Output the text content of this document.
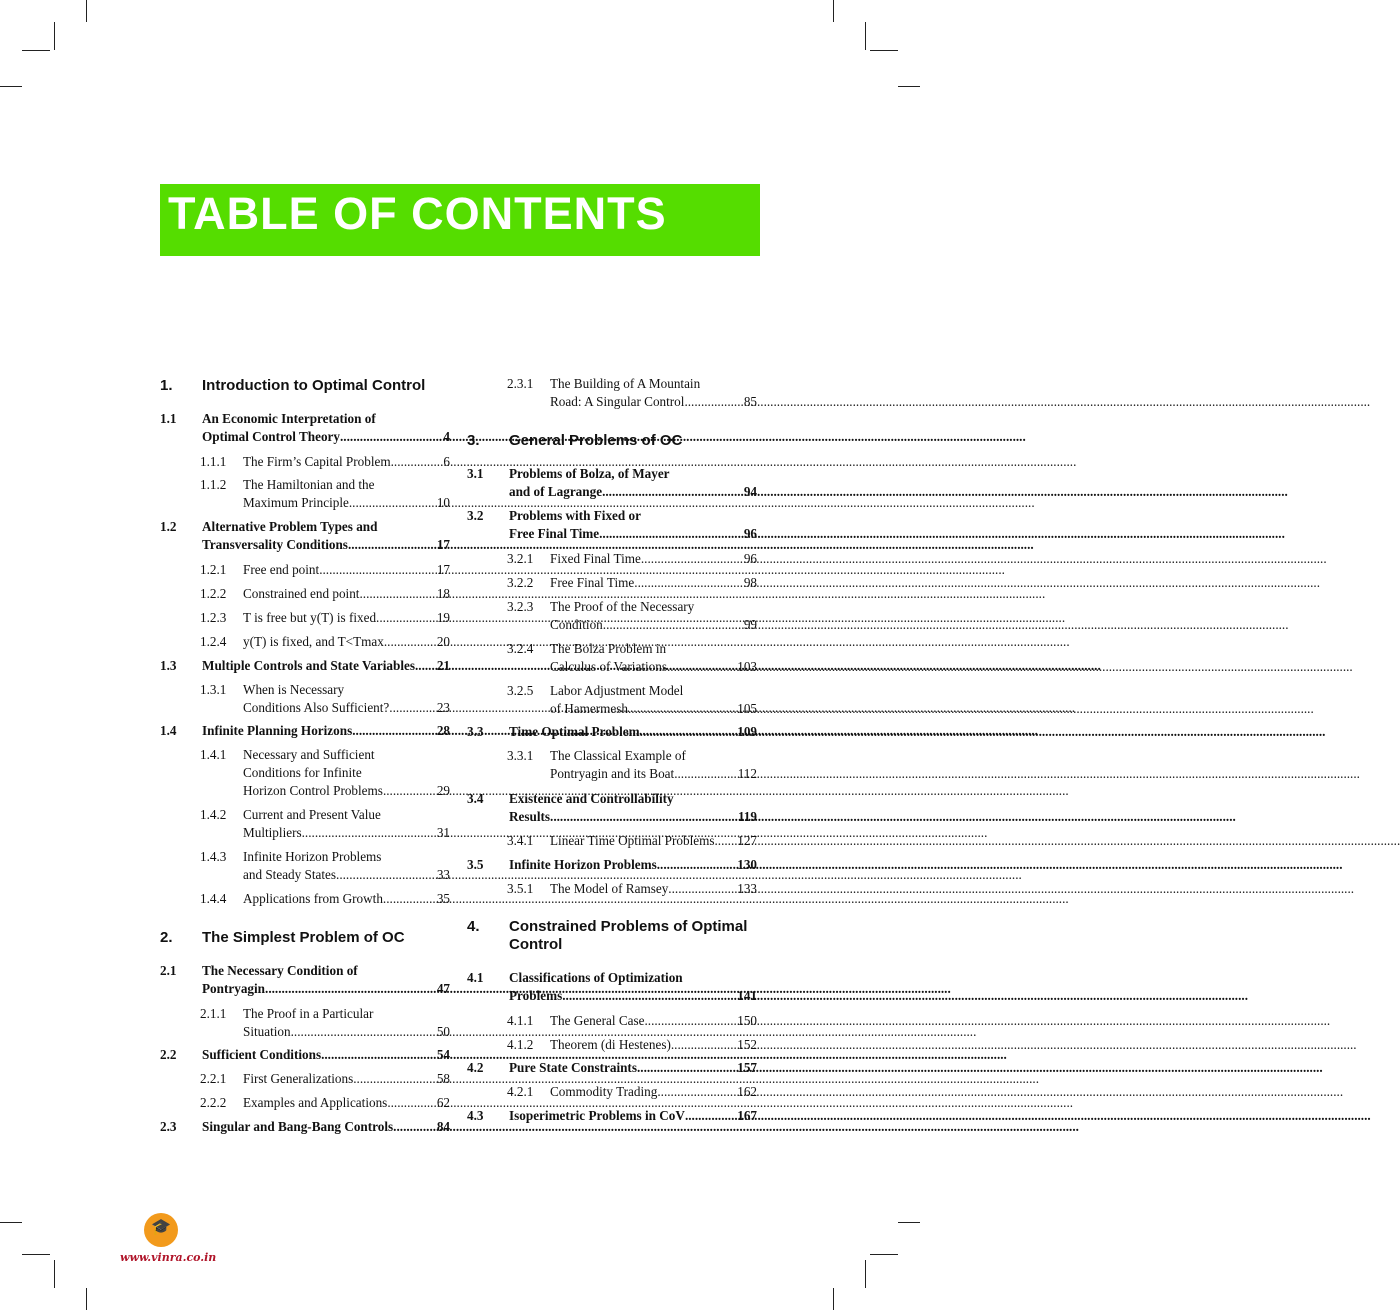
TABLE OF CONTENTS
1. Introduction to Optimal Control
1.1 An Economic Interpretation of
Optimal Control Theory .....	4
1.1.1 The Firm’s Capital Problem .....	6
1.1.2 The Hamiltonian and the
Maximum Principle .....	10
1.2 Alternative Problem Types and
Transversality Conditions .....	17
1.2.1 Free end point .....	17
1.2.2 Constrained end point .....	18
1.2.3 T is free but y(T) is fixed. .....	19
1.2.4 y(T) is fixed, and T<Tmax .....	20
1.3 Multiple Controls and State Variables ..... 21
1.3.1 When is Necessary
Conditions Also Sufficient? .....	23
1.4 Infinite Planning Horizons .....	28
1.4.1 Necessary and Sufficient
Conditions for Infinite
Horizon Control Problems .....	29
1.4.2 Current and Present Value
Multipliers .....	31
1.4.3 Infinite Horizon Problems
and Steady States .....	33
1.4.4 Applications from Growth .....	35
2. The Simplest Problem of OC
2.1 The Necessary Condition of
Pontryagin .....	47
2.1.1 The Proof in a Particular
Situation .....	50
2.2 Sufficient Conditions .....	54
2.2.1 First Generalizations .....	58
2.2.2 Examples and Applications .....	62
2.3 Singular and Bang-Bang Controls .....	84
2.3.1 The Building of A Mountain
Road: A Singular Control .....	85
3. General Problems of OC
3.1 Problems of Bolza, of Mayer
and of Lagrange .....	94
3.2 Problems with Fixed or
Free Final Time .....	96
3.2.1 Fixed Final Time .....	96
3.2.2 Free Final Time .....	98
3.2.3 The Proof of the Necessary
Condition .....	99
3.2.4 The Bolza Problem in
Calculus of Variations .....	103
3.2.5 Labor Adjustment Model
of Hamermesh .....	105
3.3 Time Optimal Problem .....	109
3.3.1 The Classical Example of
Pontryagin and its Boat .....	112
3.4 Existence and Controllability
Results .....	119
3.4.1 Linear Time Optimal Problems ..... 127
3.5 Infinite Horizon Problems .....	130
3.5.1 The Model of Ramsey .....	133
4. Constrained Problems of Optimal
Control
4.1 Classifications of Optimization
Problems .....	141
4.1.1 The General Case .....	150
4.1.2 Theorem (di Hestenes) .....	152
4.2 Pure State Constraints .....	157
4.2.1 Commodity Trading .....	162
4.3 Isoperimetric Problems in CoV .....	167
🎓
www.vinra.co.in
